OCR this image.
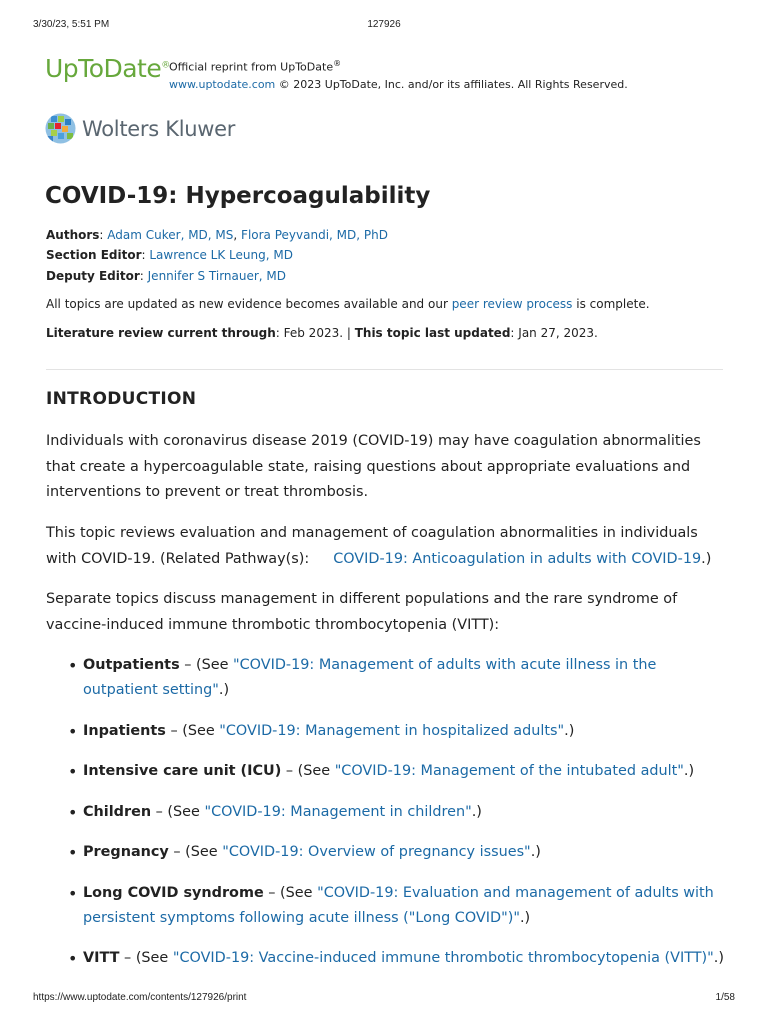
3/30/23, 5:51 PM	127926
UpToDate® Official reprint from UpToDate®
www.uptodate.com © 2023 UpToDate, Inc. and/or its affiliates. All Rights Reserved.
Wolters Kluwer
COVID-19: Hypercoagulability
Authors: Adam Cuker, MD, MS, Flora Peyvandi, MD, PhD
Section Editor: Lawrence LK Leung, MD
Deputy Editor: Jennifer S Tirnauer, MD
All topics are updated as new evidence becomes available and our peer review process is complete.
Literature review current through: Feb 2023. | This topic last updated: Jan 27, 2023.
INTRODUCTION

Individuals with coronavirus disease 2019 (COVID-19) may have coagulation abnormalities that create a hypercoagulable state, raising questions about appropriate evaluations and interventions to prevent or treat thrombosis.

This topic reviews evaluation and management of coagulation abnormalities in individuals with COVID-19. (Related Pathway(s): COVID-19: Anticoagulation in adults with COVID-19.)

Separate topics discuss management in different populations and the rare syndrome of vaccine-induced immune thrombotic thrombocytopenia (VITT):

• Outpatients – (See "COVID-19: Management of adults with acute illness in the outpatient setting".)
• Inpatients – (See "COVID-19: Management in hospitalized adults".)
• Intensive care unit (ICU) – (See "COVID-19: Management of the intubated adult".)
• Children – (See "COVID-19: Management in children".)
• Pregnancy – (See "COVID-19: Overview of pregnancy issues".)
• Long COVID syndrome – (See "COVID-19: Evaluation and management of adults with persistent symptoms following acute illness ("Long COVID")".)
• VITT – (See "COVID-19: Vaccine-induced immune thrombotic thrombocytopenia (VITT)".)
https://www.uptodate.com/contents/127926/print	1/58
